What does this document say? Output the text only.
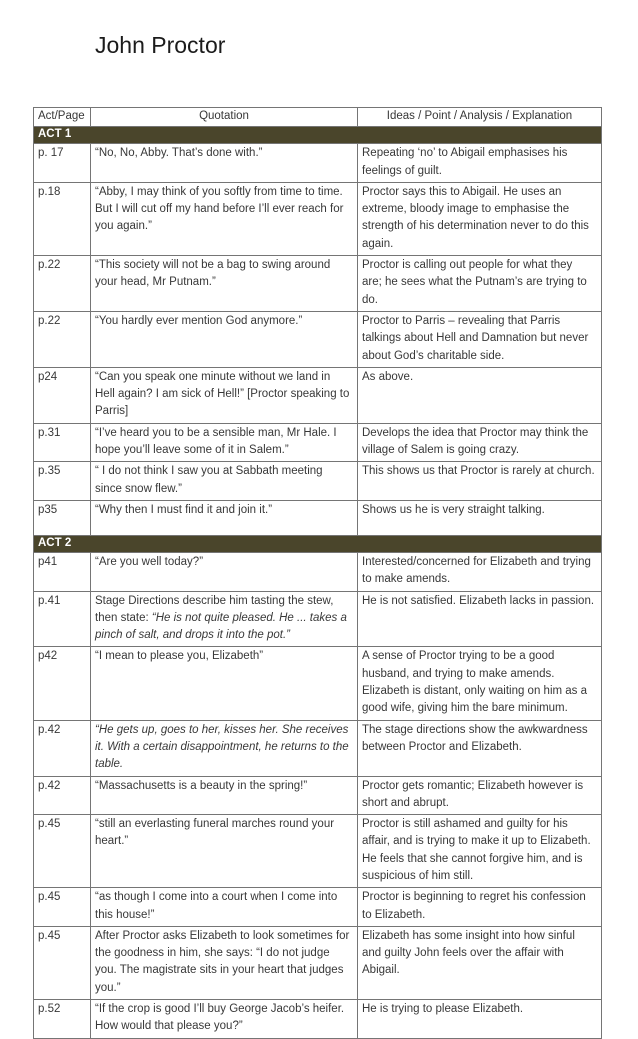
John Proctor
Act/Page	Quotation	Ideas / Point / Analysis / Explanation
ACT 1		
p. 17	“No, No, Abby. That’s done with.”	Repeating ‘no’ to Abigail emphasises his feelings of guilt.
p.18	“Abby, I may think of you softly from time to time. But I will cut off my hand before I’ll ever reach for you again.”	Proctor says this to Abigail. He uses an extreme, bloody image to emphasise the strength of his determination never to do this again.
p.22	“This society will not be a bag to swing around your head, Mr Putnam.”	Proctor is calling out people for what they are; he sees what the Putnam’s are trying to do.
p.22	“You hardly ever mention God anymore.”	Proctor to Parris – revealing that Parris talkings about Hell and Damnation but never about God’s charitable side.
p24	“Can you speak one minute without we land in Hell again? I am sick of Hell!” [Proctor speaking to Parris]	As above.
p.31	“I’ve heard you to be a sensible man, Mr Hale. I hope you’ll leave some of it in Salem.”	Develops the idea that Proctor may think the village of Salem is going crazy.
p.35	“ I do not think I saw you at Sabbath meeting since snow flew.”	This shows us that Proctor is rarely at church.
p35	“Why then I must find it and join it.”	Shows us he is very straight talking.
ACT 2		
p41	“Are you well today?”	Interested/concerned for Elizabeth and trying to make amends.
p.41	Stage Directions describe him tasting the stew, then state: “He is not quite pleased. He ... takes a pinch of salt, and drops it into the pot.”	He is not satisfied. Elizabeth lacks in passion.
p42	“I mean to please you, Elizabeth”	A sense of Proctor trying to be a good husband, and trying to make amends. Elizabeth is distant, only waiting on him as a good wife, giving him the bare minimum.
p.42	“He gets up, goes to her, kisses her. She receives it. With a certain disappointment, he returns to the table.	The stage directions show the awkwardness between Proctor and Elizabeth.
p.42	“Massachusetts is a beauty in the spring!”	Proctor gets romantic; Elizabeth however is short and abrupt.
p.45	“still an everlasting funeral marches round your heart.”	Proctor is still ashamed and guilty for his affair, and is trying to make it up to Elizabeth. He feels that she cannot forgive him, and is suspicious of him still.
p.45	“as though I come into a court when I come into this house!”	Proctor is beginning to regret his confession to Elizabeth.
p.45	After Proctor asks Elizabeth to look sometimes for the goodness in him, she says: “I do not judge you. The magistrate sits in your heart that judges you.”	Elizabeth has some insight into how sinful and guilty John feels over the affair with Abigail.
p.52	“If the crop is good I’ll buy George Jacob’s heifer. How would that please you?”	He is trying to please Elizabeth.
